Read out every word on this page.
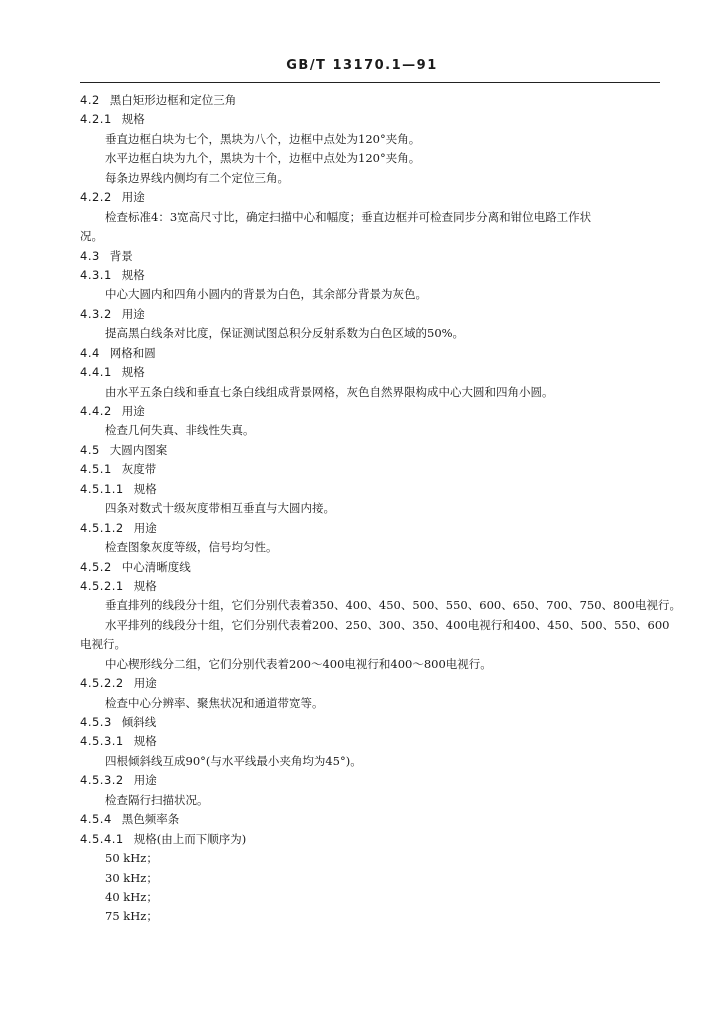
GB/T 13170.1—91
4.2 黑白矩形边框和定位三角
4.2.1 规格
垂直边框白块为七个，黑块为八个，边框中点处为120°夹角。
水平边框白块为九个，黑块为十个，边框中点处为120°夹角。
每条边界线内侧均有二个定位三角。
4.2.2 用途
检查标准4：3宽高尺寸比，确定扫描中心和幅度；垂直边框并可检查同步分离和钳位电路工作状
况。
4.3 背景
4.3.1 规格
中心大圆内和四角小圆内的背景为白色，其余部分背景为灰色。
4.3.2 用途
提高黑白线条对比度，保证测试图总积分反射系数为白色区域的50%。
4.4 网格和圆
4.4.1 规格
由水平五条白线和垂直七条白线组成背景网格，灰色自然界限构成中心大圆和四角小圆。
4.4.2 用途
检查几何失真、非线性失真。
4.5 大圆内图案
4.5.1 灰度带
4.5.1.1 规格
四条对数式十级灰度带相互垂直与大圆内接。
4.5.1.2 用途
检查图象灰度等级，信号均匀性。
4.5.2 中心清晰度线
4.5.2.1 规格
垂直排列的线段分十组，它们分别代表着350、400、450、500、550、600、650、700、750、800电视行。
水平排列的线段分十组，它们分别代表着200、250、300、350、400电视行和400、450、500、550、600
电视行。
中心楔形线分二组，它们分别代表着200～400电视行和400～800电视行。
4.5.2.2 用途
检查中心分辨率、聚焦状况和通道带宽等。
4.5.3 倾斜线
4.5.3.1 规格
四根倾斜线互成90°(与水平线最小夹角均为45°)。
4.5.3.2 用途
检查隔行扫描状况。
4.5.4 黑色频率条
4.5.4.1 规格(由上而下顺序为)
50 kHz；
30 kHz；
40 kHz；
75 kHz；
